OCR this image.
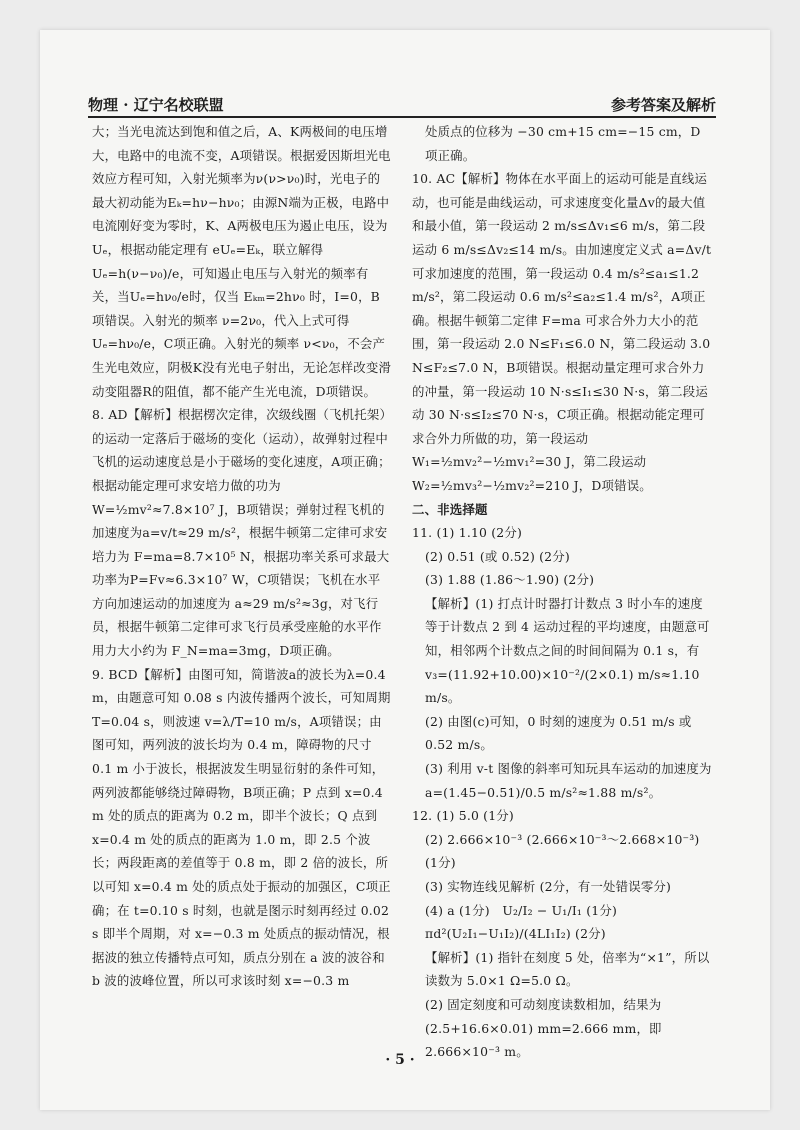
物理 · 辽宁名校联盟	参考答案及解析

大；当光电流达到饱和值之后，A、K两极间的电压增大，电路中的电流不变，A项错误。根据爱因斯坦光电效应方程可知，入射光频率为ν(ν>ν₀)时，光电子的最大初动能为Eₖ=hν−hν₀；由源N端为正极，电路中电流刚好变为零时，K、A两极电压为遏止电压，设为Uₑ，根据动能定理有 eUₑ=Eₖ，联立解得 Uₑ=h(ν−ν₀)/e，可知遏止电压与入射光的频率有关，当Uₑ=hν₀/e时，仅当 Eₖₘ=2hν₀ 时，I=0，B项错误。入射光的频率 ν=2ν₀，代入上式可得Uₑ=hν₀/e，C项正确。入射光的频率 ν<ν₀，不会产生光电效应，阴极K没有光电子射出，无论怎样改变滑动变阻器R的阻值，都不能产生光电流，D项错误。

8. AD【解析】根据楞次定律，次级线圈（飞机托架）的运动一定落后于磁场的变化（运动），故弹射过程中飞机的运动速度总是小于磁场的变化速度，A项正确；根据动能定理可求安培力做的功为 W=½mv²≈7.8×10⁷ J，B项错误；弹射过程飞机的加速度为a=v/t≈29 m/s²，根据牛顿第二定律可求安培力为 F=ma=8.7×10⁵ N，根据功率关系可求最大功率为P=Fv≈6.3×10⁷ W，C项错误；飞机在水平方向加速运动的加速度为 a≈29 m/s²≈3g，对飞行员，根据牛顿第二定律可求飞行员承受座舱的水平作用力大小约为 F_N=ma=3mg，D项正确。

9. BCD【解析】由图可知，简谐波a的波长为λ=0.4 m，由题意可知 0.08 s 内波传播两个波长，可知周期T=0.04 s，则波速 v=λ/T=10 m/s，A项错误；由图可知，两列波的波长均为 0.4 m，障碍物的尺寸 0.1 m 小于波长，根据波发生明显衍射的条件可知，两列波都能够绕过障碍物，B项正确；P 点到 x=0.4 m 处的质点的距离为 0.2 m，即半个波长；Q 点到 x=0.4 m 处的质点的距离为 1.0 m，即 2.5 个波长；两段距离的差值等于 0.8 m，即 2 倍的波长，所以可知 x=0.4 m 处的质点处于振动的加强区，C项正确；在 t=0.10 s 时刻，也就是图示时刻再经过 0.02 s 即半个周期，对 x=−0.3 m 处质点的振动情况，根据波的独立传播特点可知，质点分别在 a 波的波谷和 b 波的波峰位置，所以可求该时刻 x=−0.3 m

处质点的位移为 −30 cm+15 cm=−15 cm，D项正确。

10. AC【解析】物体在水平面上的运动可能是直线运动，也可能是曲线运动，可求速度变化量Δv的最大值和最小值，第一段运动 2 m/s≤Δv₁≤6 m/s，第二段运动 6 m/s≤Δv₂≤14 m/s。由加速度定义式 a=Δv/t 可求加速度的范围，第一段运动 0.4 m/s²≤a₁≤1.2 m/s²，第二段运动 0.6 m/s²≤a₂≤1.4 m/s²，A项正确。根据牛顿第二定律 F=ma 可求合外力大小的范围，第一段运动 2.0 N≤F₁≤6.0 N，第二段运动 3.0 N≤F₂≤7.0 N，B项错误。根据动量定理可求合外力的冲量，第一段运动 10 N·s≤I₁≤30 N·s，第二段运动 30 N·s≤I₂≤70 N·s，C项正确。根据动能定理可求合外力所做的功，第一段运动 W₁=½mv₂²−½mv₁²=30 J，第二段运动 W₂=½mv₃²−½mv₂²=210 J，D项错误。

二、非选择题

11. (1) 1.10 (2分)

(2) 0.51 (或 0.52) (2分)

(3) 1.88 (1.86～1.90) (2分)

【解析】(1) 打点计时器打计数点 3 时小车的速度等于计数点 2 到 4 运动过程的平均速度，由题意可知，相邻两个计数点之间的时间间隔为 0.1 s，有 v₃=(11.92+10.00)×10⁻²/(2×0.1) m/s≈1.10 m/s。

(2) 由图(c)可知，0 时刻的速度为 0.51 m/s 或 0.52 m/s。

(3) 利用 v-t 图像的斜率可知玩具车运动的加速度为 a=(1.45−0.51)/0.5 m/s²≈1.88 m/s²。

12. (1) 5.0 (1分)

(2) 2.666×10⁻³ (2.666×10⁻³～2.668×10⁻³) (1分)

(3) 实物连线见解析 (2分，有一处错误零分)

(4) a (1分)　U₂/I₂ − U₁/I₁ (1分)　πd²(U₂I₁−U₁I₂)/(4LI₁I₂) (2分)

【解析】(1) 指针在刻度 5 处，倍率为“×1”，所以读数为 5.0×1 Ω=5.0 Ω。

(2) 固定刻度和可动刻度读数相加，结果为 (2.5+16.6×0.01) mm=2.666 mm，即 2.666×10⁻³ m。

· 5 ·
